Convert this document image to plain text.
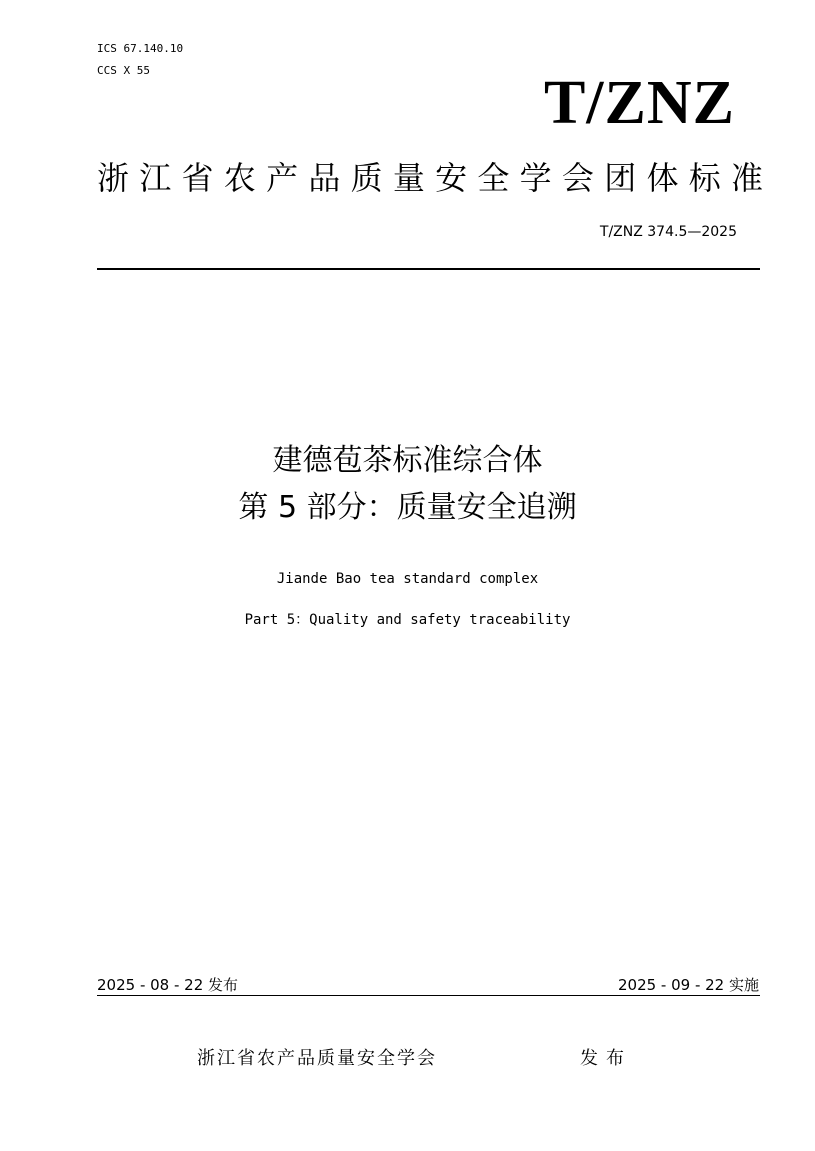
ICS 67.140.10
CCS X 55	T/ZNZ
浙 江 省 农 产 品 质 量 安 全 学 会 团 体 标 准
T/ZNZ 374.5—2025
建德苞茶标准综合体
第 5 部分：质量安全追溯
Jiande Bao tea standard complex
Part 5：Quality and safety traceability
2025 - 08 - 22 发布	2025 - 09 - 22 实施
浙江省农产品质量安全学会	发布
